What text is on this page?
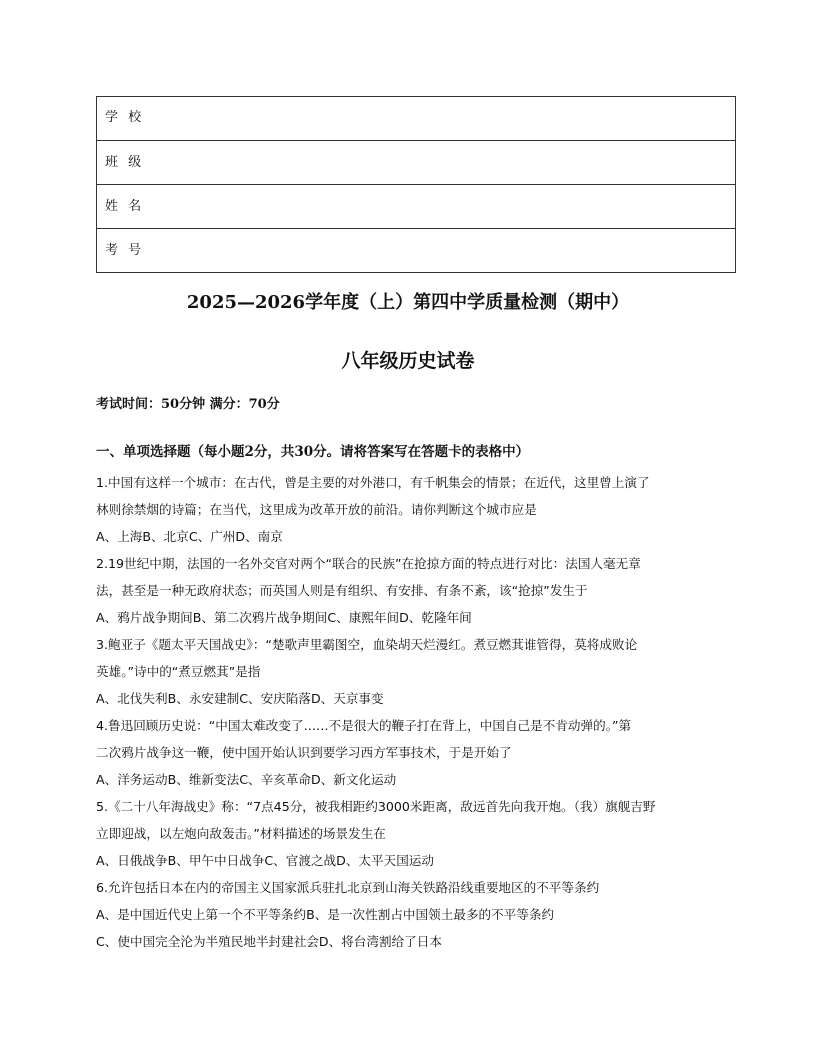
学 校
班 级
姓 名
考 号
2025—2026学年度（上）第四中学质量检测（期中）
八年级历史试卷
考试时间：50分钟 满分：70分
一、单项选择题（每小题2分，共30分。请将答案写在答题卡的表格中）
1.中国有这样一个城市：在古代，曾是主要的对外港口，有千帆集会的情景；在近代，这里曾上演了
林则徐禁烟的诗篇；在当代，这里成为改革开放的前沿。请你判断这个城市应是
A、上海B、北京C、广州D、南京
2.19世纪中期，法国的一名外交官对两个“联合的民族”在抢掠方面的特点进行对比：法国人毫无章
法，甚至是一种无政府状态；而英国人则是有组织、有安排、有条不紊，该“抢掠”发生于
A、鸦片战争期间B、第二次鸦片战争期间C、康熙年间D、乾隆年间
3.鲍亚子《题太平天国战史》：“楚歌声里霸图空，血染胡天烂漫红。煮豆燃萁谁管得，莫将成败论
英雄。”诗中的“煮豆燃萁”是指
A、北伐失利B、永安建制C、安庆陷落D、天京事变
4.鲁迅回顾历史说：“中国太难改变了……不是很大的鞭子打在背上，中国自己是不肯动弹的。”第
二次鸦片战争这一鞭，使中国开始认识到要学习西方军事技术，于是开始了
A、洋务运动B、维新变法C、辛亥革命D、新文化运动
5.《二十八年海战史》称：“7点45分，被我相距约3000米距离，敌远首先向我开炮。（我）旗舰吉野
立即迎战，以左炮向敌轰击。”材料描述的场景发生在
A、日俄战争B、甲午中日战争C、官渡之战D、太平天国运动
6.允许包括日本在内的帝国主义国家派兵驻扎北京到山海关铁路沿线重要地区的不平等条约
A、是中国近代史上第一个不平等条约B、是一次性割占中国领土最多的不平等条约
C、使中国完全沦为半殖民地半封建社会D、将台湾割给了日本
